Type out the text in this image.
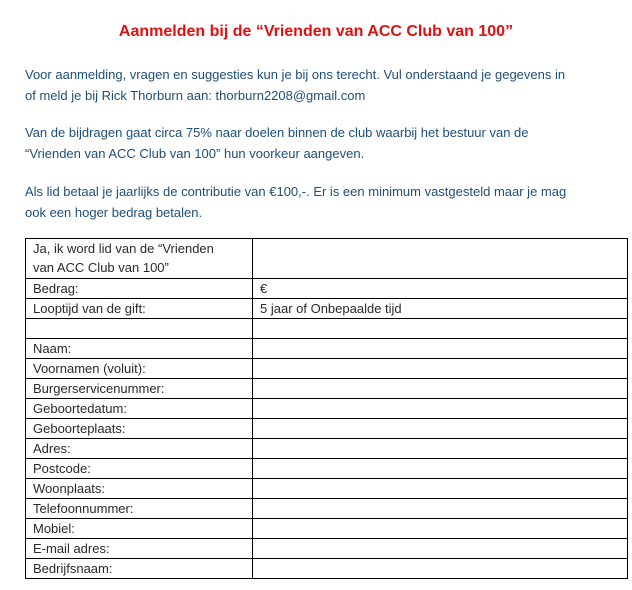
Aanmelden bij de “Vrienden van ACC Club van 100”
Voor aanmelding, vragen en suggesties kun je bij ons terecht. Vul onderstaand je gegevens in
of meld je bij Rick Thorburn aan: thorburn2208@gmail.com
Van de bijdragen gaat circa 75% naar doelen binnen de club waarbij het bestuur van de
“Vrienden van ACC Club van 100” hun voorkeur aangeven.
Als lid betaal je jaarlijks de contributie van €100,-. Er is een minimum vastgesteld maar je mag
ook een hoger bedrag betalen.
Ja, ik word lid van de “Vrienden
van ACC Club van 100”	

Bedrag:	€
Looptijd van de gift:	5 jaar of Onbepaalde tijd

Naam:	
Voornamen (voluit):	
Burgerservicenummer:	
Geboortedatum:	
Geboorteplaats:	
Adres:	
Postcode:	
Woonplaats:	
Telefoonnummer:	
Mobiel:	
E-mail adres:	
Bedrijfsnaam:	
